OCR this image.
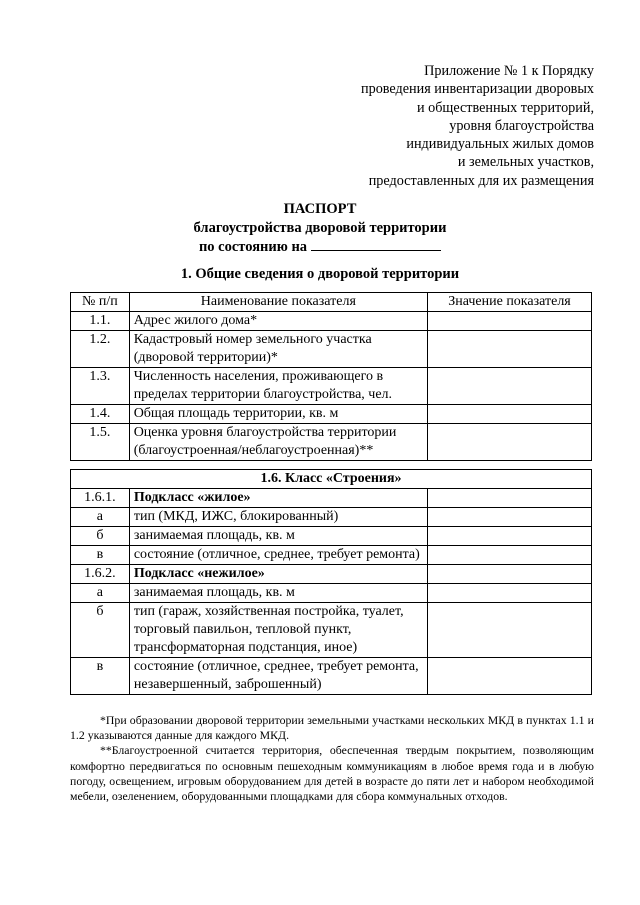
Приложение № 1 к Порядку
проведения инвентаризации дворовых
и общественных территорий,
уровня благоустройства
индивидуальных жилых домов
и земельных участков,
предоставленных для их размещения
ПАСПОРТ
благоустройства дворовой территории
по состоянию на
1. Общие сведения о дворовой территории
№ п/п	Наименование показателя	Значение показателя
1.1.	Адрес жилого дома*	
1.2.	Кадастровый номер земельного участка (дворовой территории)*	
1.3.	Численность населения, проживающего в пределах территории благоустройства, чел.	
1.4.	Общая площадь территории, кв. м	
1.5.	Оценка уровня благоустройства территории (благоустроенная/неблагоустроенная)**	
1.6. Класс «Строения»		
1.6.1.	Подкласс «жилое»	
а	тип (МКД, ИЖС, блокированный)	
б	занимаемая площадь, кв. м	
в	состояние (отличное, среднее, требует ремонта)	
1.6.2.	Подкласс «нежилое»	
а	занимаемая площадь, кв. м	
б	тип (гараж, хозяйственная постройка, туалет, торговый павильон, тепловой пункт, трансформаторная подстанция, иное)	
в	состояние (отличное, среднее, требует ремонта, незавершенный, заброшенный)	

*При образовании дворовой территории земельными участками нескольких МКД в пунктах 1.1 и 1.2 указываются данные для каждого МКД.

**Благоустроенной считается территория, обеспеченная твердым покрытием, позволяющим комфортно передвигаться по основным пешеходным коммуникациям в любое время года и в любую погоду, освещением, игровым оборудованием для детей в возрасте до пяти лет и набором необходимой мебели, озеленением, оборудованными площадками для сбора коммунальных отходов.
